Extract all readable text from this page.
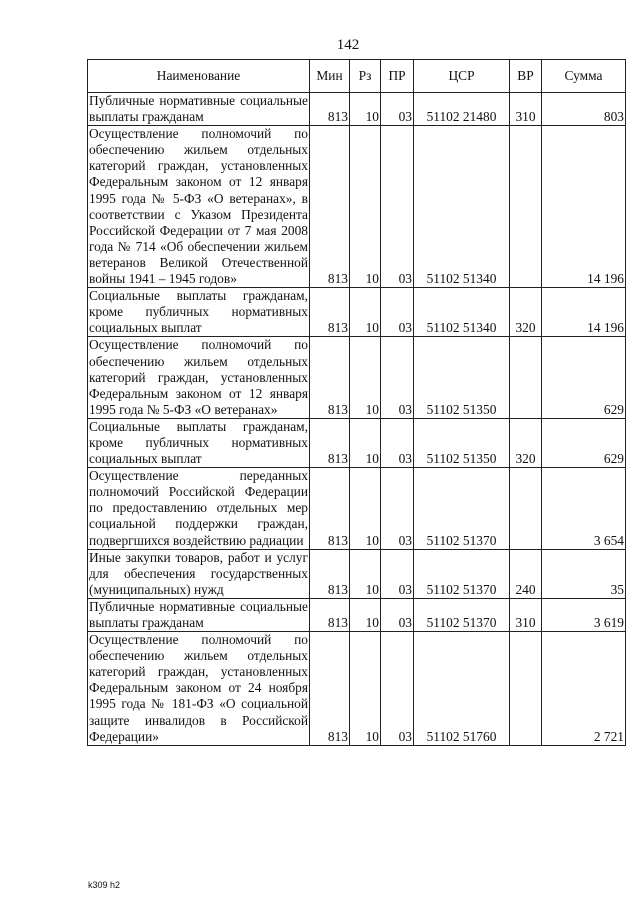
142
Наименование	Мин	Рз	ПР	ЦСР	ВР	Сумма
Публичные нормативные социальные выплаты гражданам	813	10	03	51102 21480	310	803
Осуществление полномочий по обеспечению жильем отдельных категорий граждан, установленных Федеральным законом от 12 января 1995 года № 5-ФЗ «О ветеранах», в соответствии с Указом Президента Российской Федерации от 7 мая 2008 года № 714 «Об обеспечении жильем ветеранов Великой Отечественной войны 1941 – 1945 годов»	813	10	03	51102 51340		14 196
Социальные выплаты гражданам, кроме публичных нормативных социальных выплат	813	10	03	51102 51340	320	14 196
Осуществление полномочий по обеспечению жильем отдельных категорий граждан, установленных Федеральным законом от 12 января 1995 года № 5-ФЗ «О ветеранах»	813	10	03	51102 51350		629
Социальные выплаты гражданам, кроме публичных нормативных социальных выплат	813	10	03	51102 51350	320	629
Осуществление переданных полномочий Российской Федерации по предоставлению отдельных мер социальной поддержки граждан, подвергшихся воздействию радиации	813	10	03	51102 51370		3 654
Иные закупки товаров, работ и услуг для обеспечения государственных (муниципальных) нужд	813	10	03	51102 51370	240	35
Публичные нормативные социальные выплаты гражданам	813	10	03	51102 51370	310	3 619
Осуществление полномочий по обеспечению жильем отдельных категорий граждан, установленных Федеральным законом от 24 ноября 1995 года № 181-ФЗ «О социальной защите инвалидов в Российской Федерации»	813	10	03	51102 51760		2 721
k309 h2
